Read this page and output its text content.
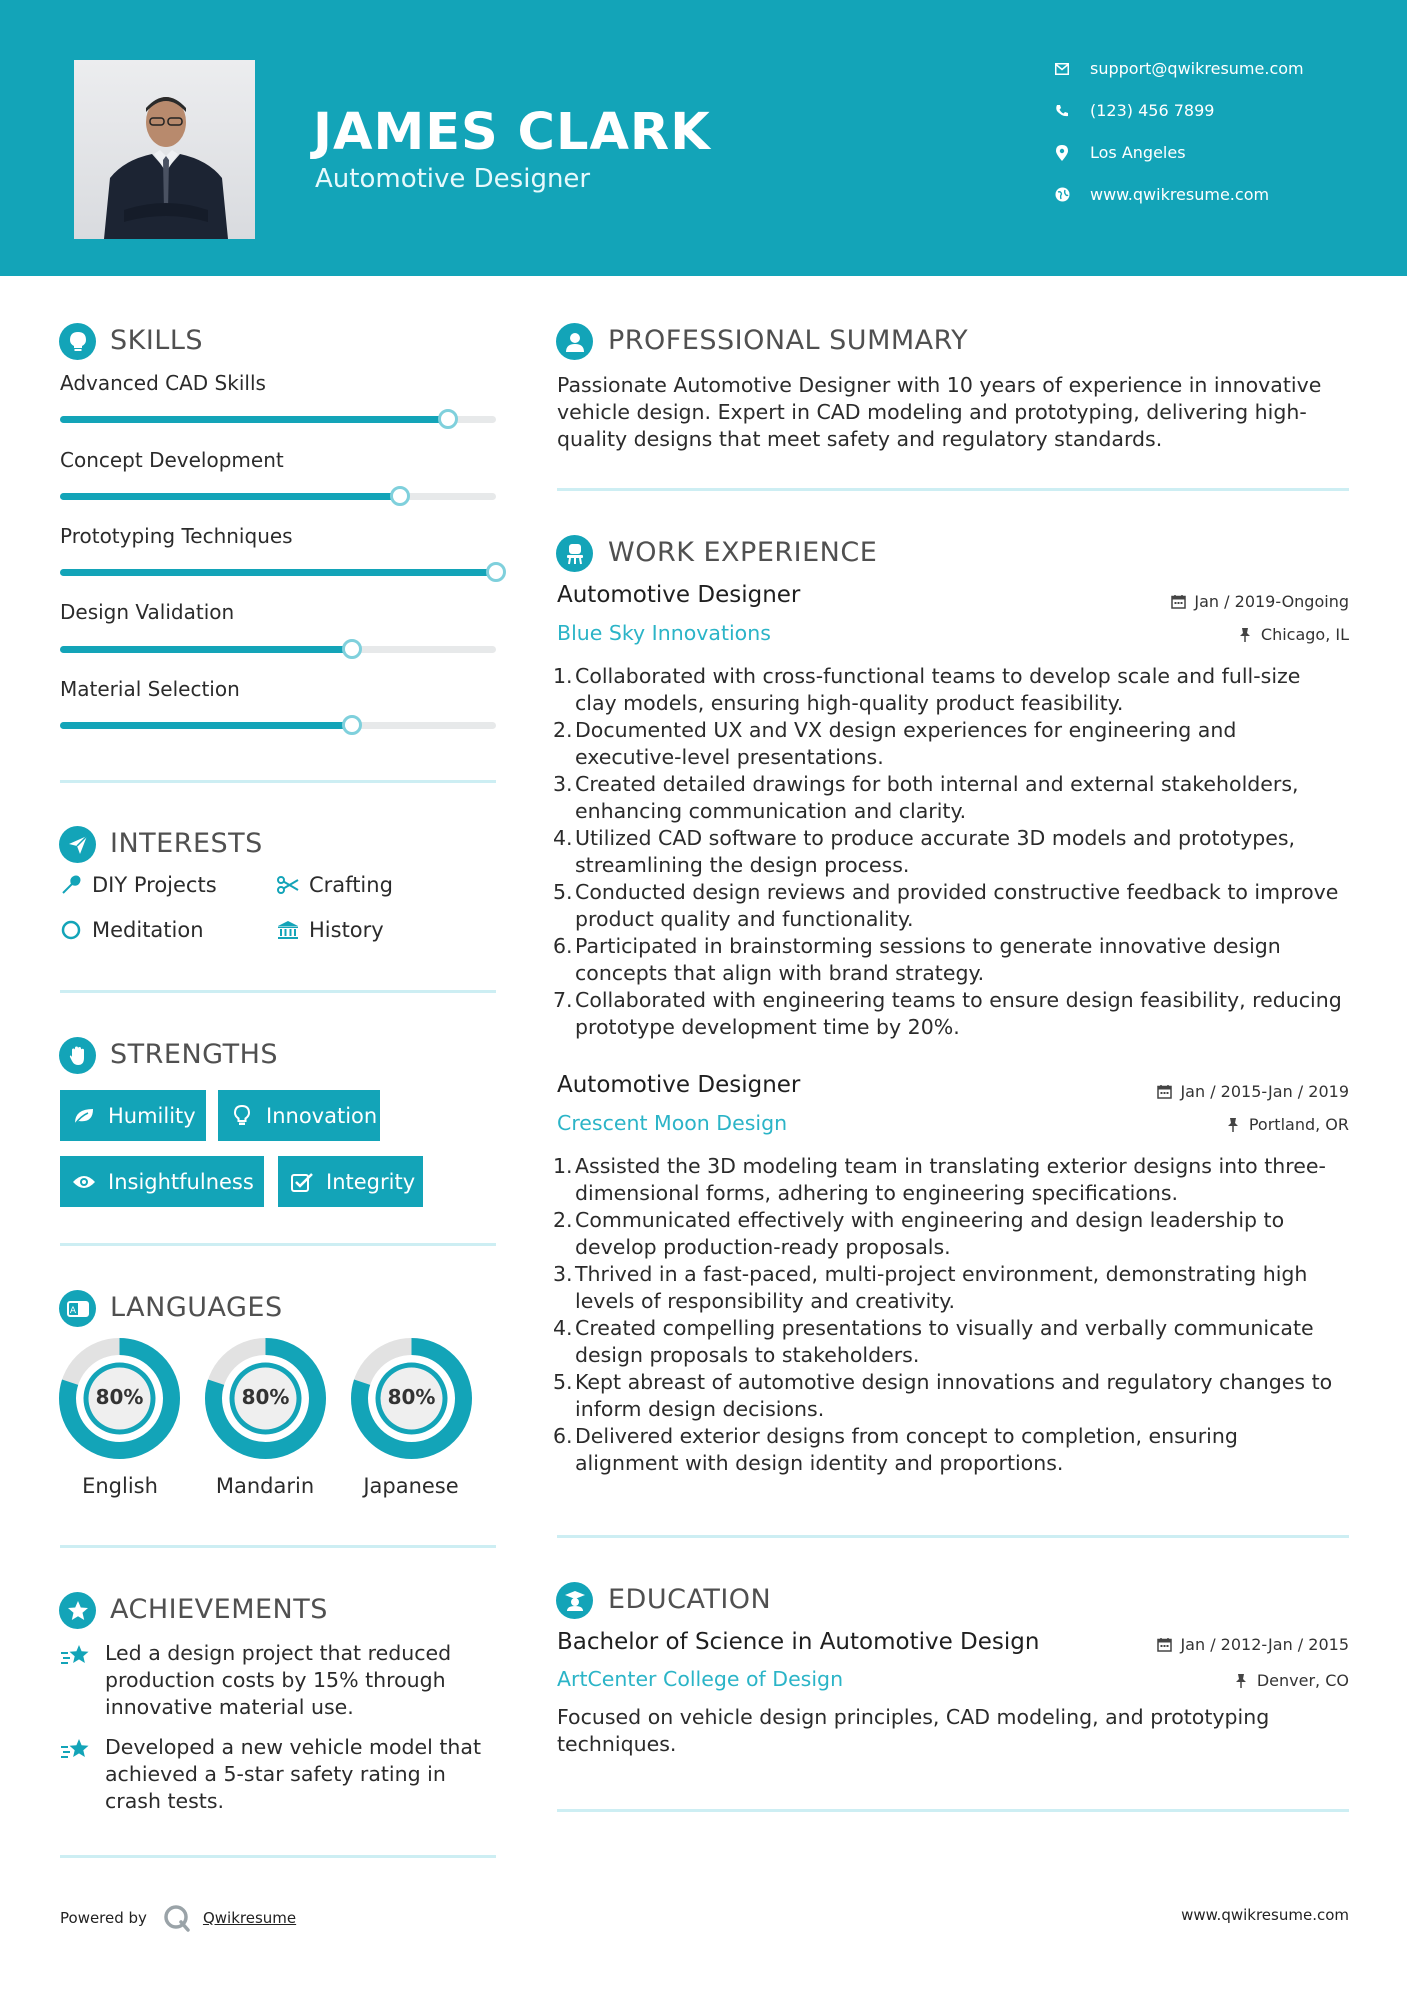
JAMES CLARK
Automotive Designer
support@qwikresume.com
(123) 456 7899
Los Angeles
www.qwikresume.com
SKILLS
Advanced CAD Skills
Concept Development
Prototyping Techniques
Design Validation
Material Selection
INTERESTS
DIY Projects	Crafting
Meditation	History
STRENGTHS
Humility	Innovation
Insightfulness	Integrity
A LANGUAGES
80%
English
80%
Mandarin
80%
Japanese
ACHIEVEMENTS
Led a design project that reduced production costs by 15% through innovative material use.
Developed a new vehicle model that achieved a 5-star safety rating in crash tests.
PROFESSIONAL SUMMARY
Passionate Automotive Designer with 10 years of experience in innovative vehicle design. Expert in CAD modeling and prototyping, delivering high-quality designs that meet safety and regulatory standards.
WORK EXPERIENCE
Automotive Designer	Jan / 2019-Ongoing
Blue Sky Innovations	Chicago, IL
1. Collaborated with cross-functional teams to develop scale and full-size clay models, ensuring high-quality product feasibility.
2. Documented UX and VX design experiences for engineering and executive-level presentations.
3. Created detailed drawings for both internal and external stakeholders, enhancing communication and clarity.
4. Utilized CAD software to produce accurate 3D models and prototypes, streamlining the design process.
5. Conducted design reviews and provided constructive feedback to improve product quality and functionality.
6. Participated in brainstorming sessions to generate innovative design concepts that align with brand strategy.
7. Collaborated with engineering teams to ensure design feasibility, reducing prototype development time by 20%.
Automotive Designer	Jan / 2015-Jan / 2019
Crescent Moon Design	Portland, OR
1. Assisted the 3D modeling team in translating exterior designs into three-dimensional forms, adhering to engineering specifications.
2. Communicated effectively with engineering and design leadership to develop production-ready proposals.
3. Thrived in a fast-paced, multi-project environment, demonstrating high levels of responsibility and creativity.
4. Created compelling presentations to visually and verbally communicate design proposals to stakeholders.
5. Kept abreast of automotive design innovations and regulatory changes to inform design decisions.
6. Delivered exterior designs from concept to completion, ensuring alignment with design identity and proportions.
EDUCATION
Bachelor of Science in Automotive Design	Jan / 2012-Jan / 2015
ArtCenter College of Design	Denver, CO
Focused on vehicle design principles, CAD modeling, and prototyping techniques.
Powered by	Qwikresume	www.qwikresume.com
